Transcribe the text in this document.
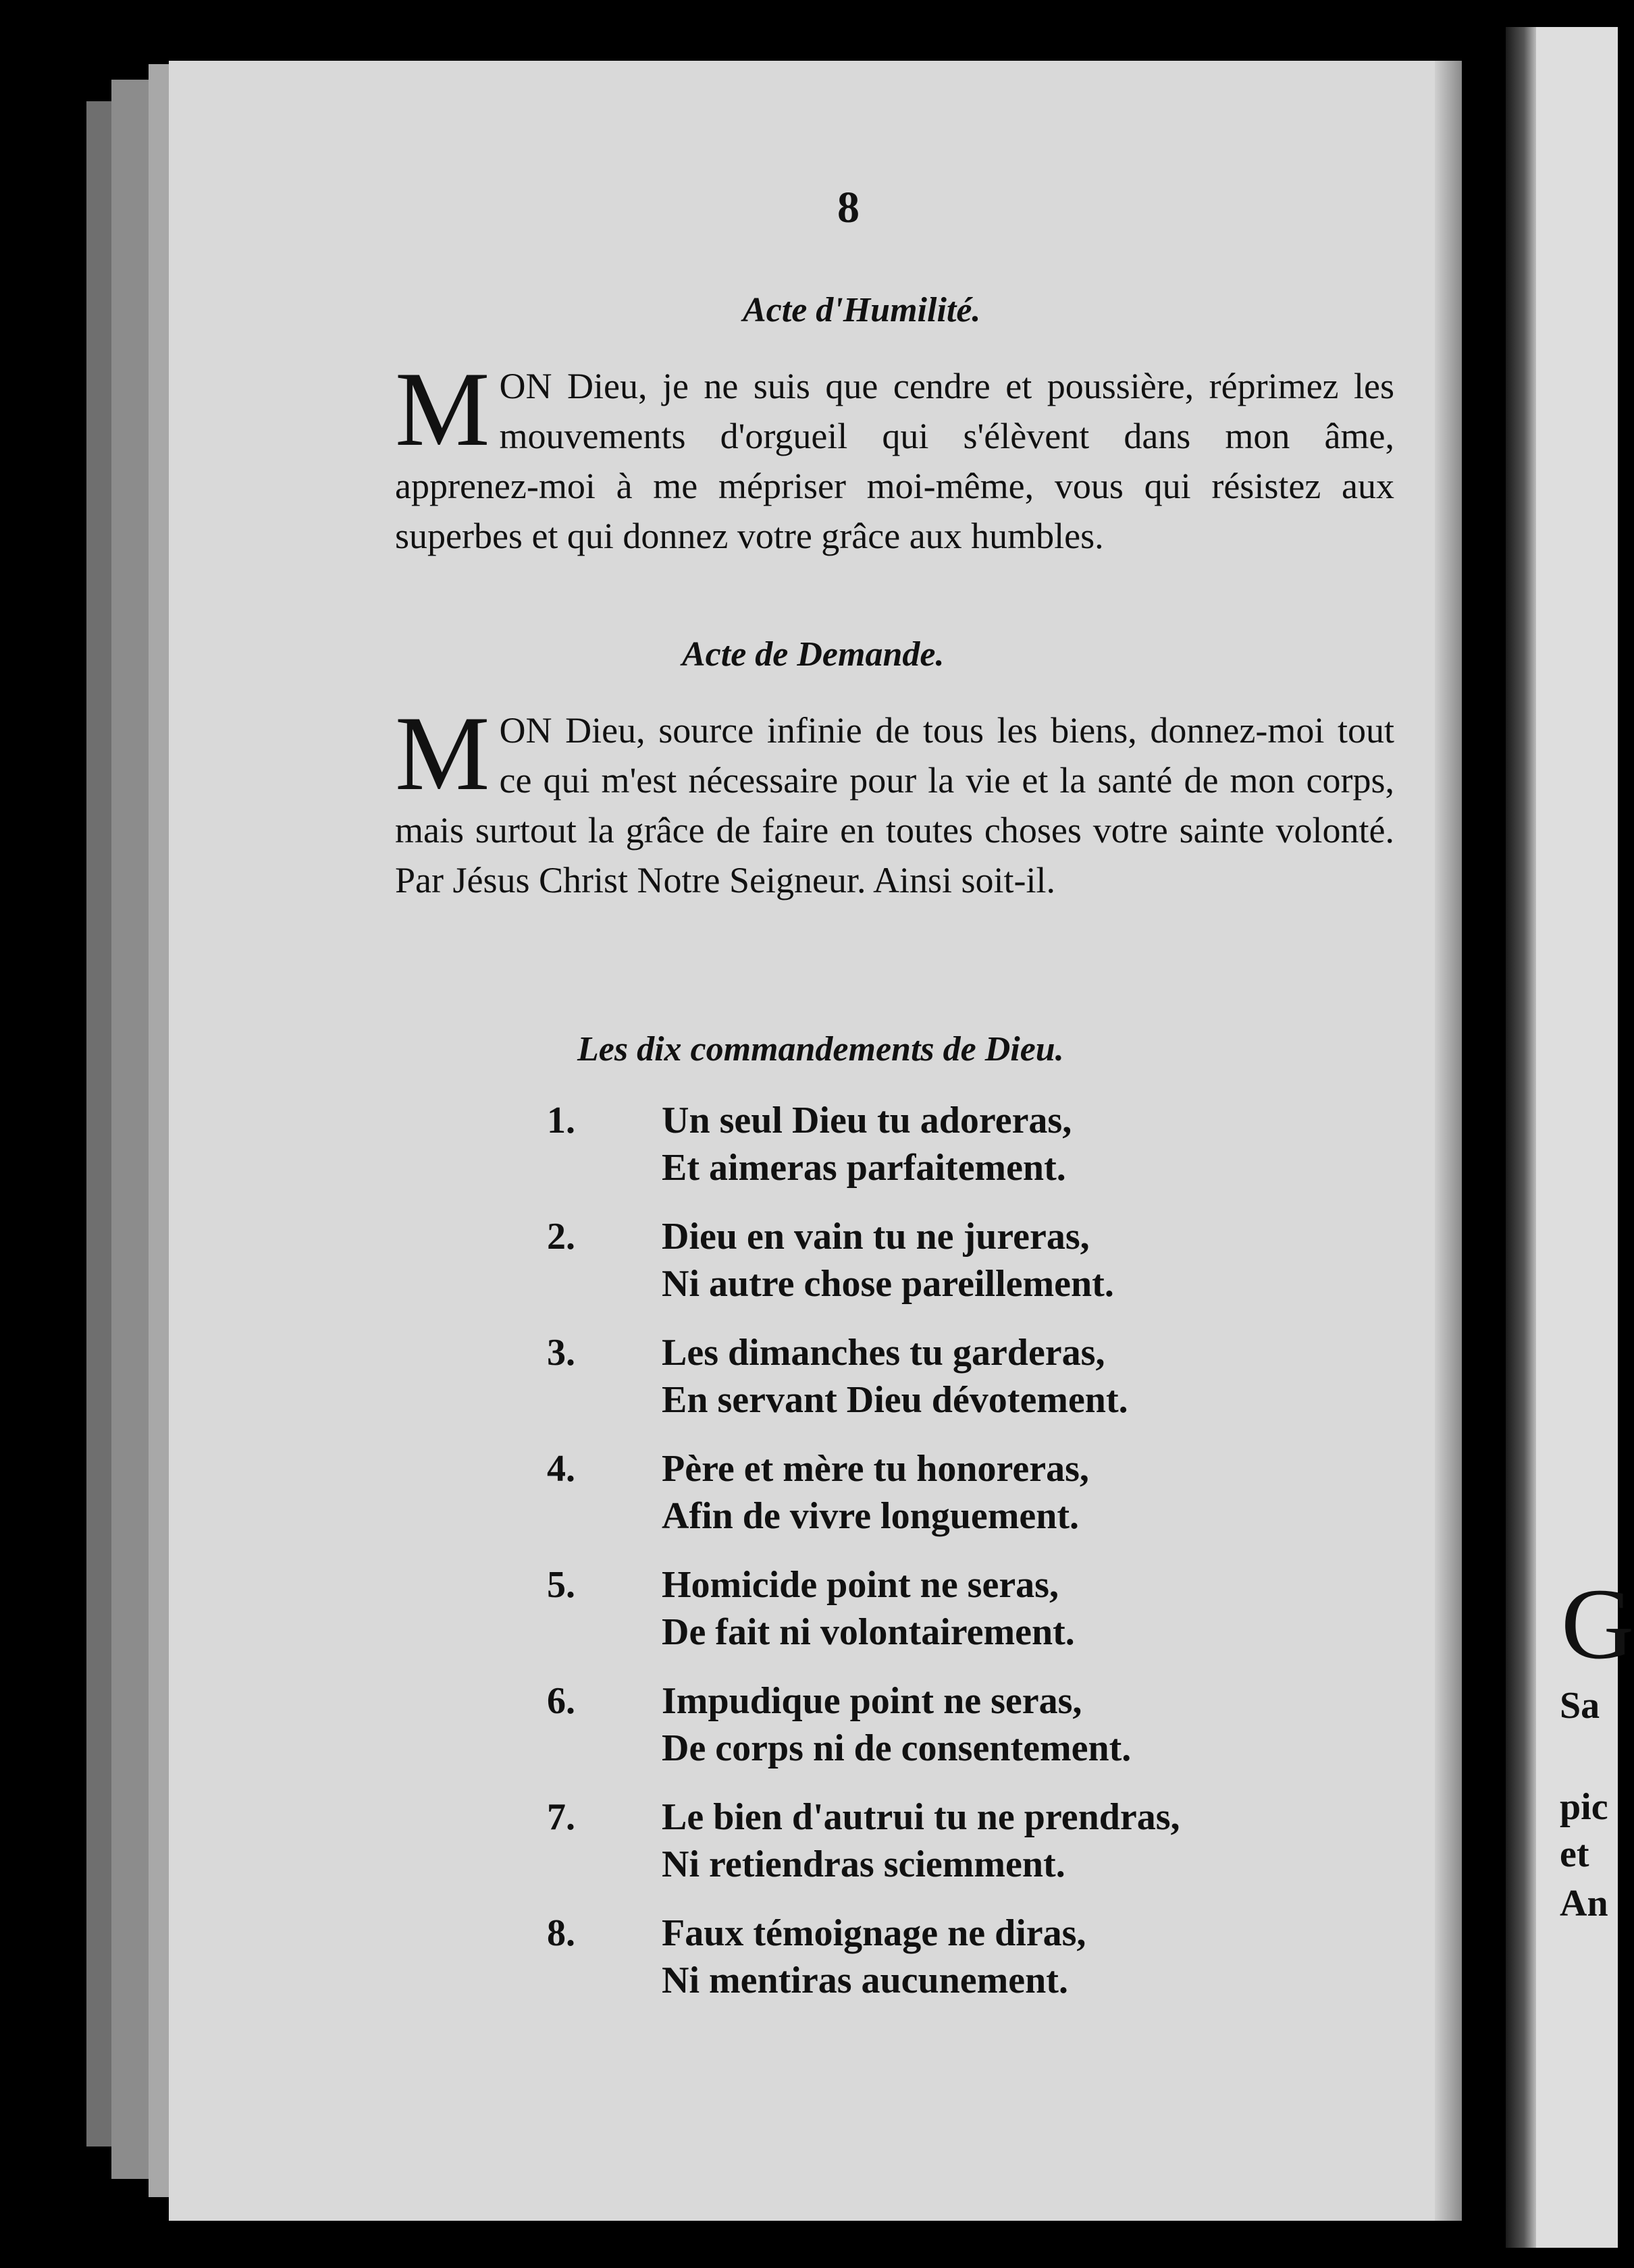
8
Acte d'Humilité.
MON Dieu, je ne suis que cendre et poussière, réprimez les mouvements d'orgueil qui s'élèvent dans mon âme, apprenez-moi à me mépriser moi-même, vous qui résistez aux superbes et qui donnez votre grâce aux humbles.
Acte de Demande.
MON Dieu, source infinie de tous les biens, donnez-moi tout ce qui m'est nécessaire pour la vie et la santé de mon corps, mais surtout la grâce de faire en toutes choses votre sainte volonté. Par Jésus Christ Notre Seigneur. Ainsi soit-il.
Les dix commandements de Dieu.
1.	Un seul Dieu tu adoreras,
Et aimeras parfaitement.
2.	Dieu en vain tu ne jureras,
Ni autre chose pareillement.
3.	Les dimanches tu garderas,
En servant Dieu dévotement.
4.	Père et mère tu honoreras,
Afin de vivre longuement.
5.	Homicide point ne seras,
De fait ni volontairement.
6.	Impudique point ne seras,
De corps ni de consentement.
7.	Le bien d'autrui tu ne prendras,
Ni retiendras sciemment.
8.	Faux témoignage ne diras,
Ni mentiras aucunement.
G
Sa
pic
et
An
